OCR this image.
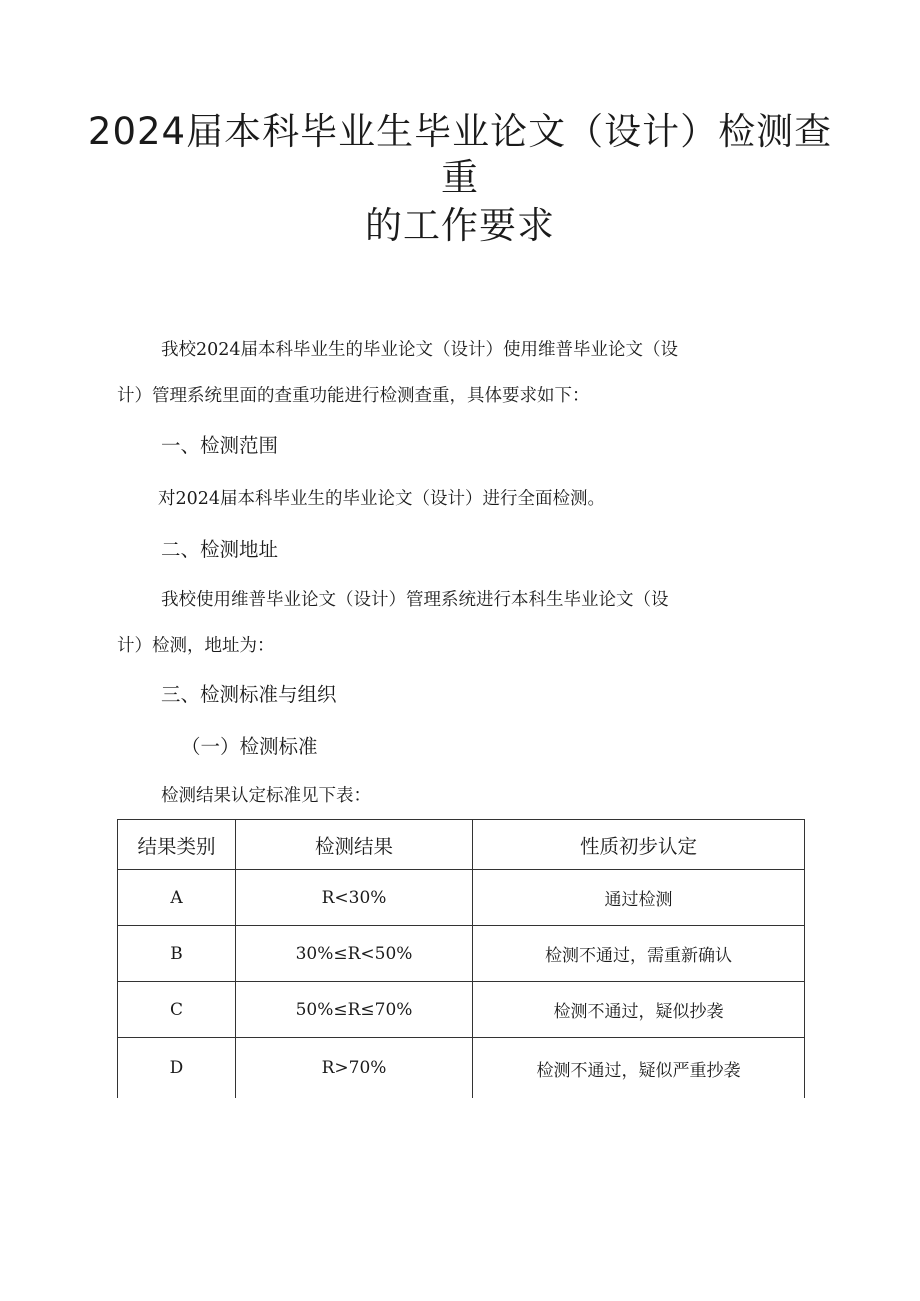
2024届本科毕业生毕业论文（设计）检测查
重
的工作要求

我校2024届本科毕业生的毕业论文（设计）使用维普毕业论文（设

计）管理系统里面的查重功能进行检测查重，具体要求如下：

一、检测范围

对2024届本科毕业生的毕业论文（设计）进行全面检测。

二、检测地址

我校使用维普毕业论文（设计）管理系统进行本科生毕业论文（设

计）检测，地址为：

三、检测标准与组织

（一）检测标准

检测结果认定标准见下表：

结果类别	检测结果	性质初步认定
A	R<30%	通过检测
B	30%≤R<50%	检测不通过，需重新确认
C	50%≤R≤70%	检测不通过，疑似抄袭
D	R>70%	检测不通过，疑似严重抄袭
